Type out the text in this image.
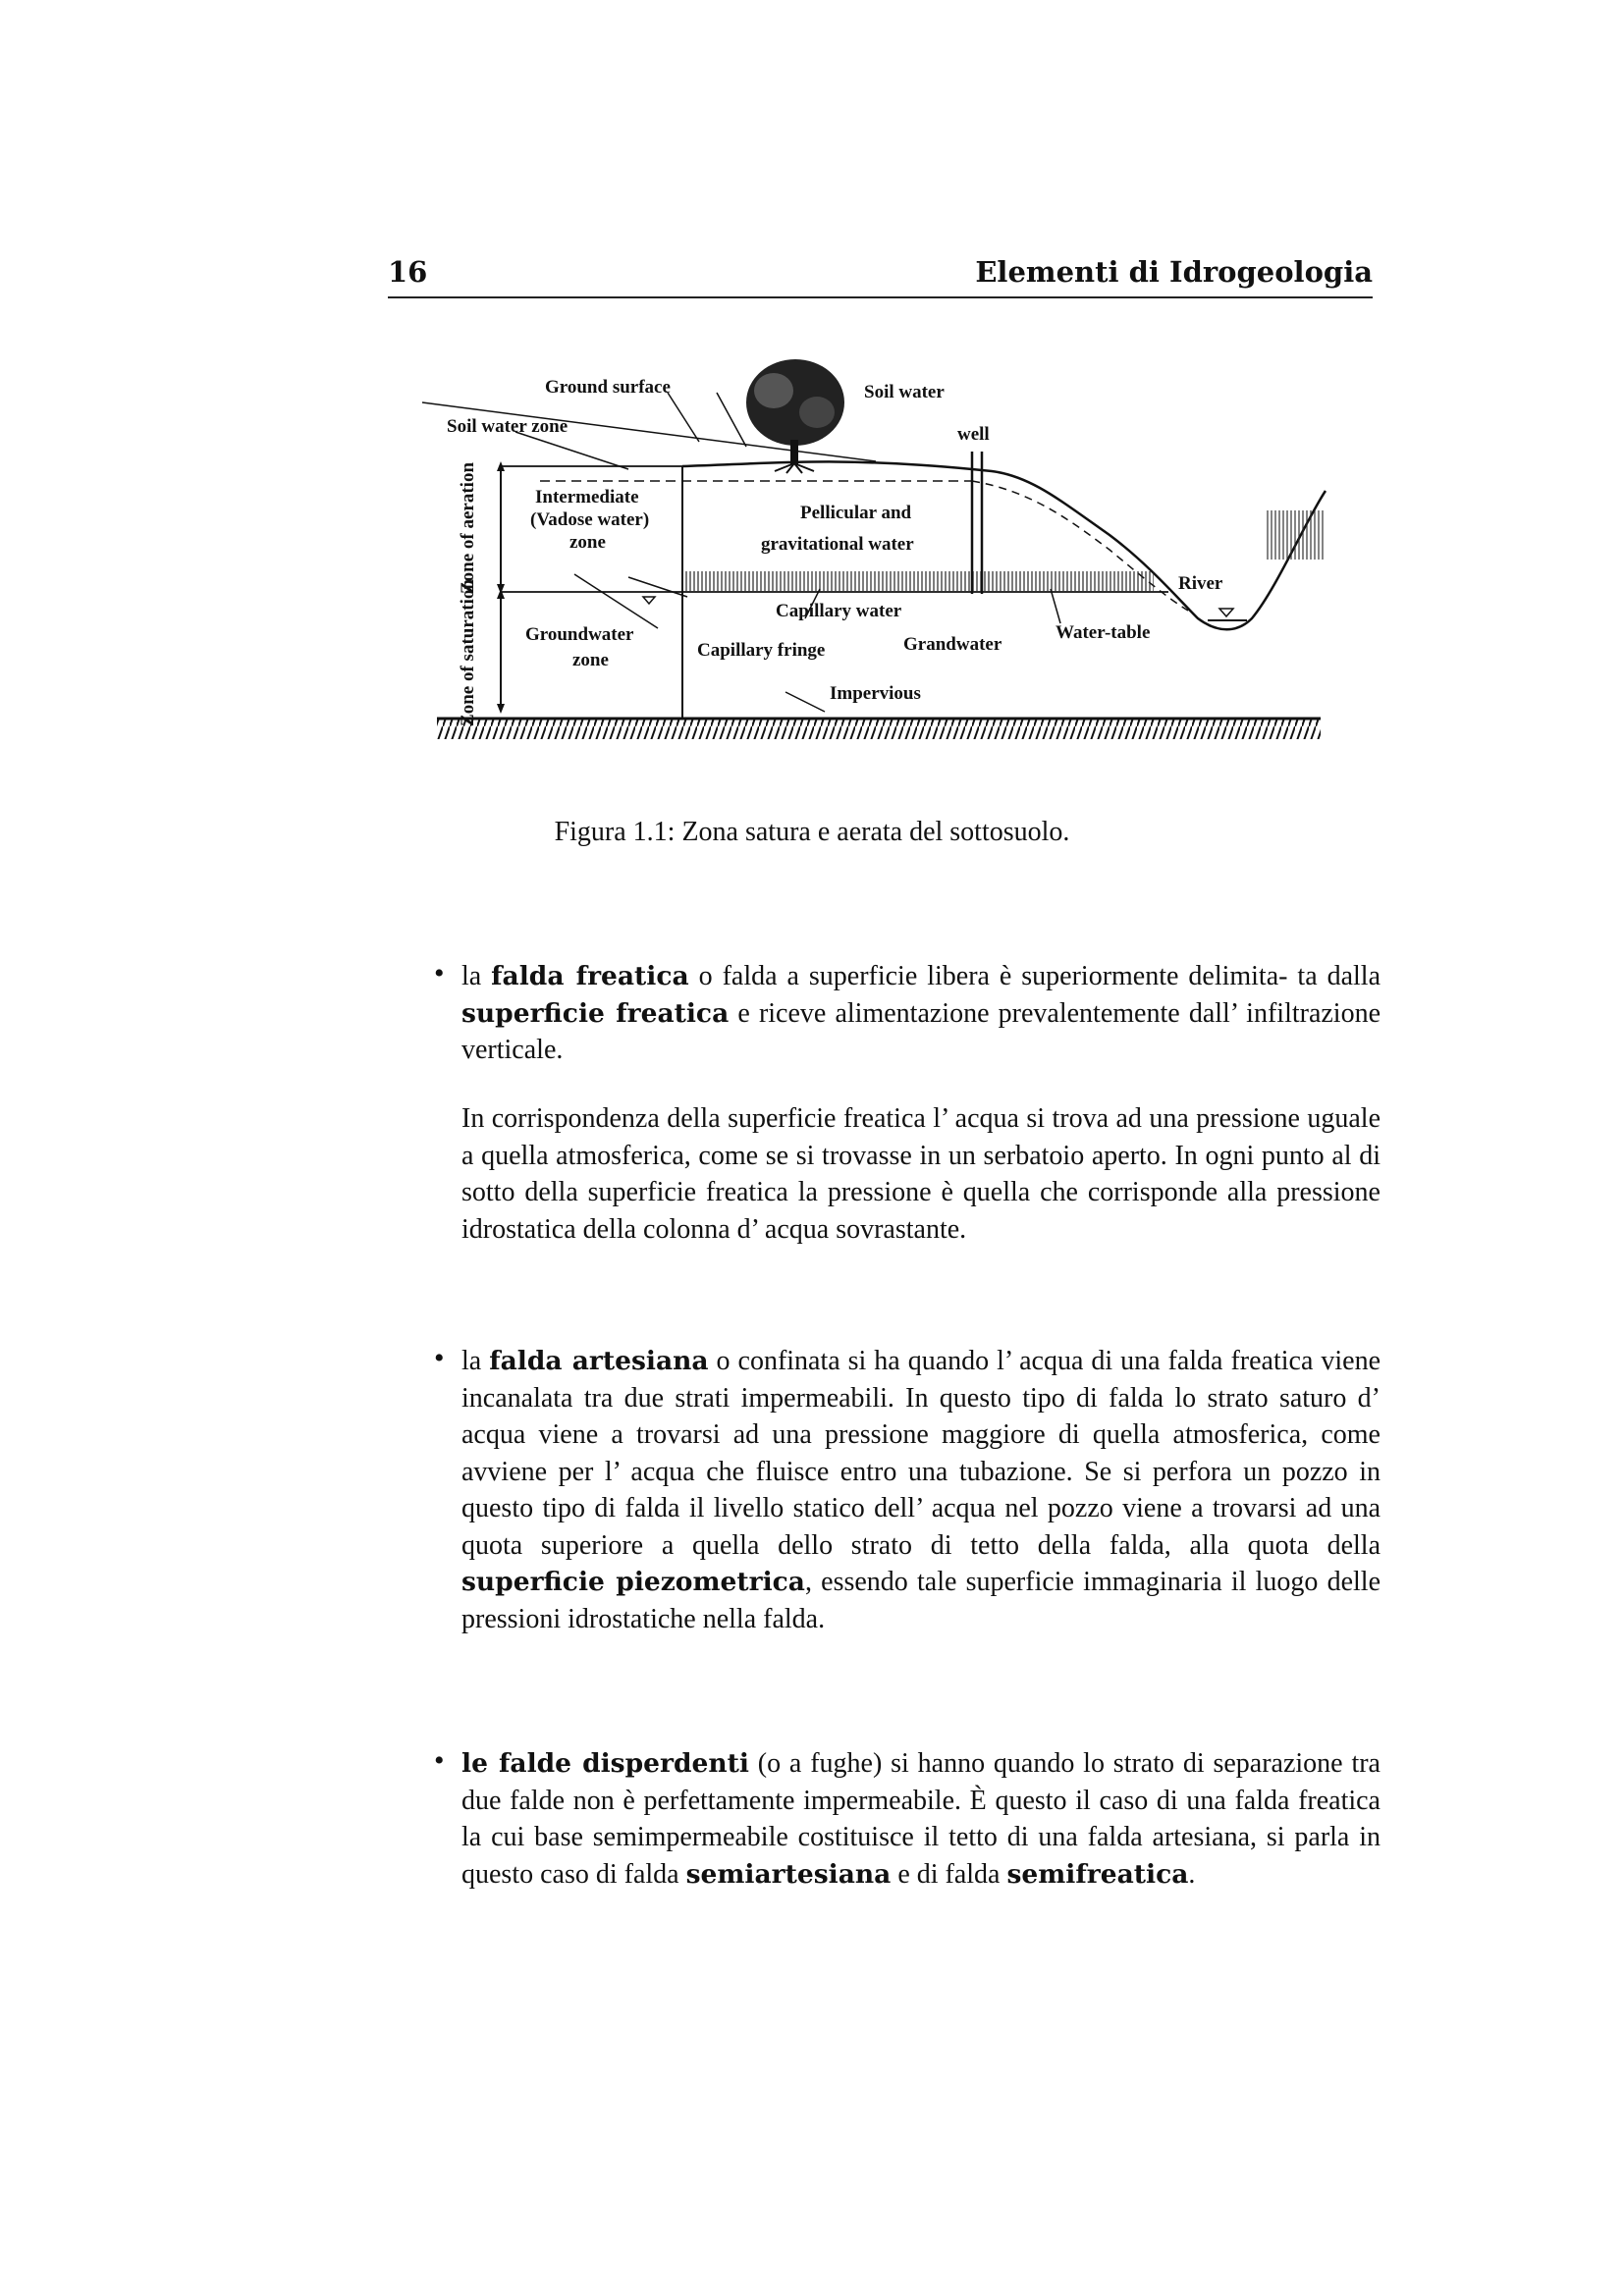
16	Elementi di Idrogeologia
Ground surface	Soil water
Soil water zone	well
Zone of aeration
Zone of saturation
Intermediate
(Vadose water)
zone
Pellicular and
gravitational water
River
Capillary water
Groundwater
zone	Capillary fringe	Grandwater
Water-table
Impervious
Figura 1.1: Zona satura e aerata del sottosuolo.
• la falda freatica o falda a superficie libera è superiormente delimita- ta dalla superficie freatica e riceve alimentazione prevalentemente dall’ infiltrazione verticale.

In corrispondenza della superficie freatica l’ acqua si trova ad una pressione uguale a quella atmosferica, come se si trovasse in un serbatoio aperto. In ogni punto al di sotto della superficie freatica la pressione è quella che corrisponde alla pressione idrostatica della colonna d’ acqua sovrastante.

• la falda artesiana o confinata si ha quando l’ acqua di una falda freatica viene incanalata tra due strati impermeabili. In questo tipo di falda lo strato saturo d’ acqua viene a trovarsi ad una pressione maggiore di quella atmosferica, come avviene per l’ acqua che fluisce entro una tubazione. Se si perfora un pozzo in questo tipo di falda il livello statico dell’ acqua nel pozzo viene a trovarsi ad una quota superiore a quella dello strato di tetto della falda, alla quota della superficie piezometrica, essendo tale superficie immaginaria il luogo delle pressioni idrostatiche nella falda.

• le falde disperdenti (o a fughe) si hanno quando lo strato di separazione tra due falde non è perfettamente impermeabile. È questo il caso di una falda freatica la cui base semimpermeabile costituisce il tetto di una falda artesiana, si parla in questo caso di falda semiartesiana e di falda semifreatica.
